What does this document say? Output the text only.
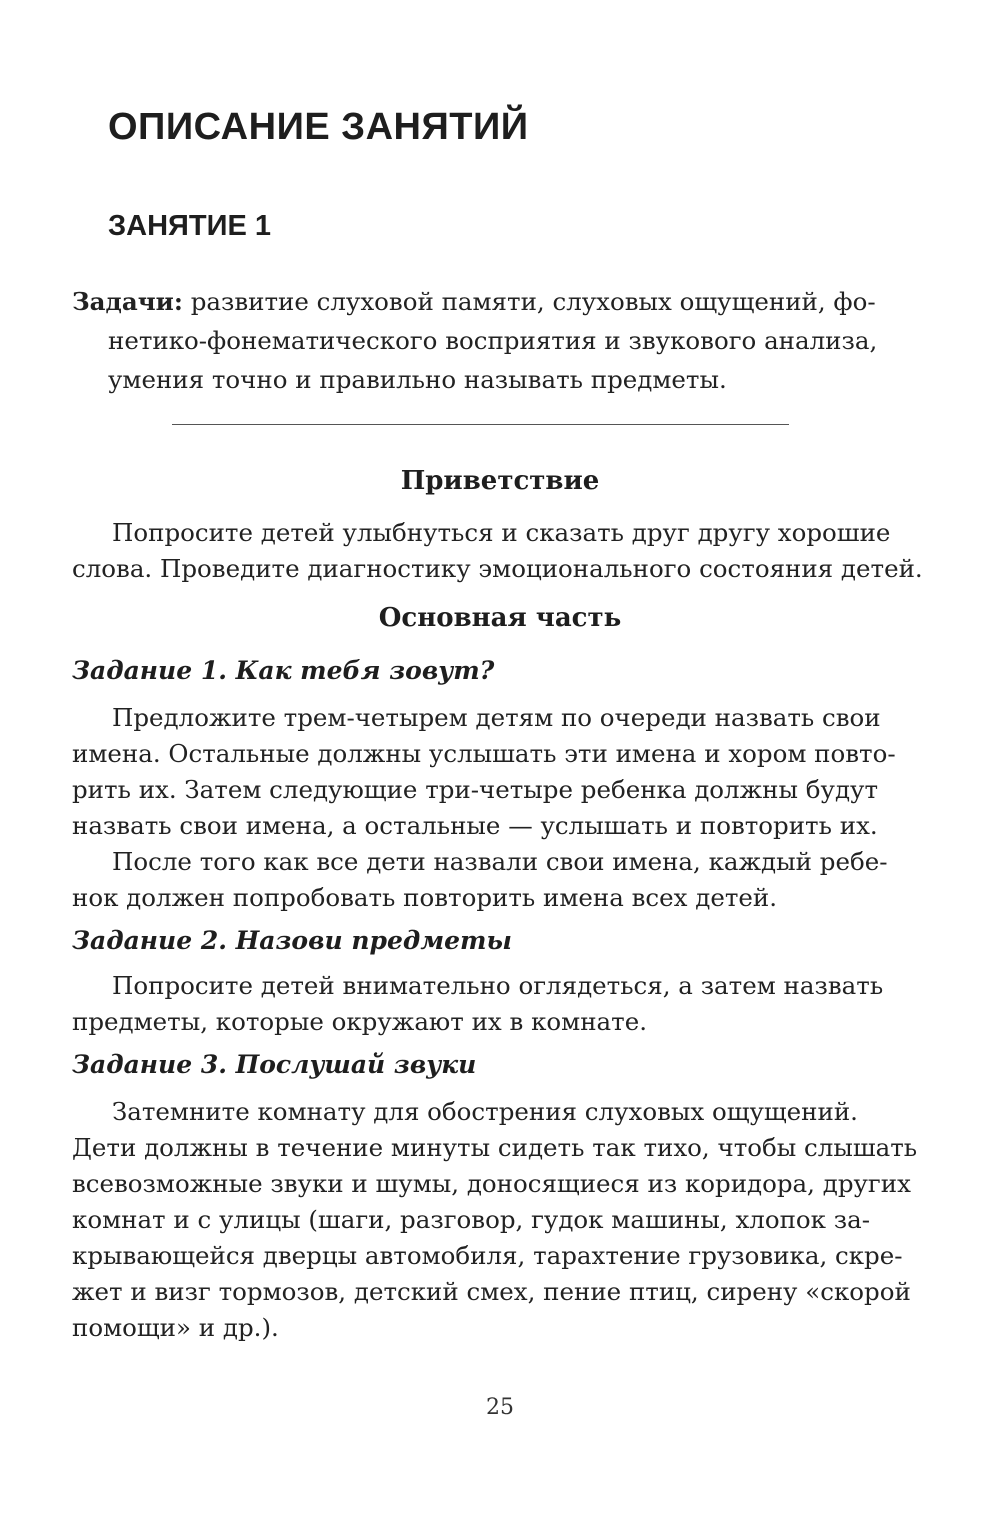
ОПИСАНИЕ ЗАНЯТИЙ
ЗАНЯТИЕ 1
Задачи: развитие слуховой памяти, слуховых ощущений, фо-
нетико-фонематического восприятия и звукового анализа,
умения точно и правильно называть предметы.
Приветствие
Попросите детей улыбнуться и сказать друг другу хорошие
слова. Проведите диагностику эмоционального состояния детей.
Основная часть
Задание 1. Как тебя зовут?
Предложите трем-четырем детям по очереди назвать свои
имена. Остальные должны услышать эти имена и хором повто-
рить их. Затем следующие три-четыре ребенка должны будут
назвать свои имена, а остальные — услышать и повторить их.
После того как все дети назвали свои имена, каждый ребе-
нок должен попробовать повторить имена всех детей.
Задание 2. Назови предметы
Попросите детей внимательно оглядеться, а затем назвать
предметы, которые окружают их в комнате.
Задание 3. Послушай звуки
Затемните комнату для обострения слуховых ощущений.
Дети должны в течение минуты сидеть так тихо, чтобы слышать
всевозможные звуки и шумы, доносящиеся из коридора, других
комнат и с улицы (шаги, разговор, гудок машины, хлопок за-
крывающейся дверцы автомобиля, тарахтение грузовика, скре-
жет и визг тормозов, детский смех, пение птиц, сирену «скорой
помощи» и др.).
25
